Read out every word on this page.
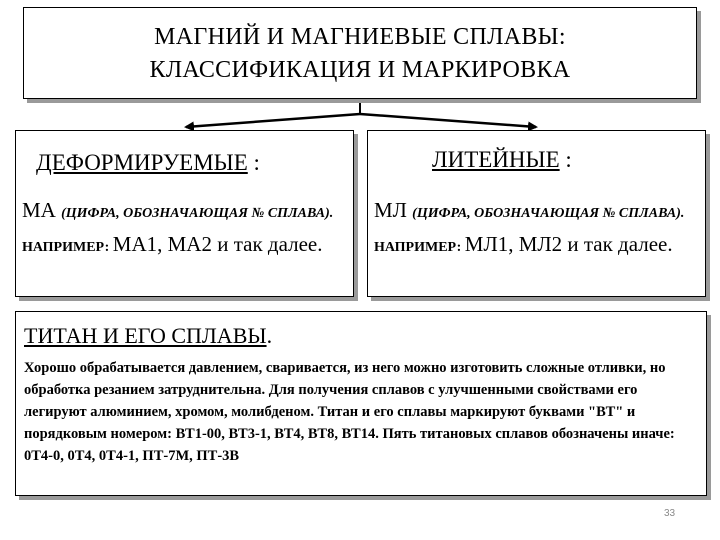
МАГНИЙ И МАГНИЕВЫЕ СПЛАВЫ:
КЛАССИФИКАЦИЯ И МАРКИРОВКА
ДЕФОРМИРУЕМЫЕ :
МА (ЦИФРА, ОБОЗНАЧАЮЩАЯ № СПЛАВА). НАПРИМЕР: МА1, МА2 и так далее.
ЛИТЕЙНЫЕ :
МЛ (ЦИФРА, ОБОЗНАЧАЮЩАЯ № СПЛАВА). НАПРИМЕР: МЛ1, МЛ2 и так далее.
ТИТАН И ЕГО СПЛАВЫ.
Хорошо обрабатывается давлением, сваривается, из него можно изготовить сложные отливки, но обработка резанием затруднительна. Для получения сплавов с улучшенными свойствами его легируют алюминием, хромом, молибденом. Титан и его сплавы маркируют буквами "ВТ" и порядковым номером: ВТ1-00, ВТ3-1, ВТ4, ВТ8, ВТ14. Пять титановых сплавов обозначены иначе: 0Т4-0, 0Т4, 0Т4-1, ПТ-7М, ПТ-3В
33
